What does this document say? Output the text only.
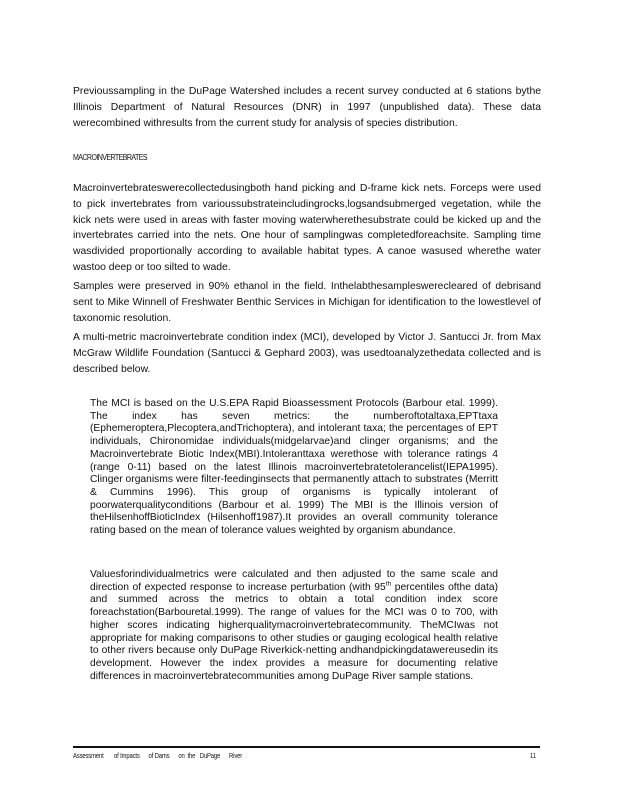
Previoussampling in the DuPage Watershed includes a recent survey conducted at 6 stations bythe Illinois Department of Natural Resources (DNR) in 1997 (unpublished data). These data werecombined withresults from the current study for analysis of species distribution.

MACROINVERTEBRATES

Macroinvertebrateswerecollectedusingboth hand picking and D-frame kick nets. Forceps were used to pick invertebrates from varioussubstrateincludingrocks,logsandsubmerged vegetation, while the kick nets were used in areas with faster moving waterwherethesubstrate could be kicked up and the invertebrates carried into the nets. One hour of samplingwas completedforeachsite. Sampling time wasdivided proportionally according to available habitat types. A canoe wasused wherethe water wastoo deep or too silted to wade.

Samples were preserved in 90% ethanol in the field. Inthelabthesampleswerecleared of debrisand sent to Mike Winnell of Freshwater Benthic Services in Michigan for identification to the lowestlevel of taxonomic resolution.

A multi-metric macroinvertebrate condition index (MCI), developed by Victor J. Santucci Jr. from Max McGraw Wildlife Foundation (Santucci & Gephard 2003), was usedtoanalyzethedata collected and is described below.

The MCI is based on the U.S.EPA Rapid Bioassessment Protocols (Barbour etal. 1999). The index has seven metrics: the numberoftotaltaxa,EPTtaxa (Ephemeroptera,Plecoptera,andTrichoptera), and intolerant taxa; the percentages of EPT individuals, Chironomidae individuals(midgelarvae)and clinger organisms; and the Macroinvertebrate Biotic Index(MBI).Intoleranttaxa werethose with tolerance ratings 4 (range 0-11) based on the latest Illinois macroinvertebratetolerancelist(IEPA1995). Clinger organisms were filter-feedinginsects that permanently attach to substrates (Merritt & Cummins 1996). This group of organisms is typically intolerant of poorwaterqualityconditions (Barbour et al. 1999) The MBI is the Illinois version of theHilsenhoffBioticIndex (Hilsenhoff1987).It provides an overall community tolerance rating based on the mean of tolerance values weighted by organism abundance.

Valuesforindividualmetrics were calculated and then adjusted to the same scale and direction of expected response to increase perturbation (with 95th percentiles ofthe data) and summed across the metrics to obtain a total condition index score foreachstation(Barbouretal.1999). The range of values for the MCI was 0 to 700, with higher scores indicating higherqualitymacroinvertebratecommunity. TheMCIwas not appropriate for making comparisons to other studies or gauging ecological health relative to other rivers because only DuPage Riverkick-netting andhandpickingdatawereusedin its development. However the index provides a measure for documenting relative differences in macroinvertebratecommunities among DuPage River sample stations.

Assessment       of Impacts      of Dams      on  the   DuPage      River	11
